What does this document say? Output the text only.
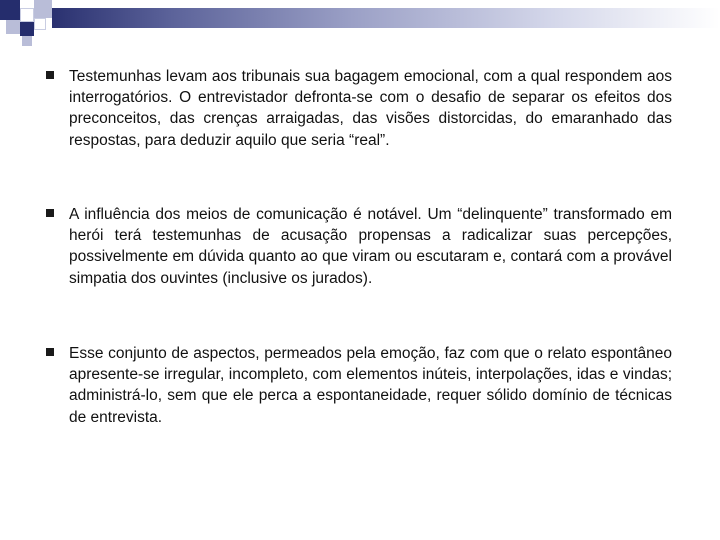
Testemunhas levam aos tribunais sua bagagem emocional, com a qual respondem aos interrogatórios. O entrevistador defronta-se com o desafio de separar os efeitos dos preconceitos, das crenças arraigadas, das visões distorcidas, do emaranhado das respostas, para deduzir aquilo que seria “real”.

A influência dos meios de comunicação é notável. Um “delinquente” transformado em herói terá testemunhas de acusação propensas a radicalizar suas percepções, possivelmente em dúvida quanto ao que viram ou escutaram e, contará com a provável simpatia dos ouvintes (inclusive os jurados).

Esse conjunto de aspectos, permeados pela emoção, faz com que o relato espontâneo apresente-se irregular, incompleto, com elementos inúteis, interpolações, idas e vindas; administrá-lo, sem que ele perca a espontaneidade, requer sólido domínio de técnicas de entrevista.
